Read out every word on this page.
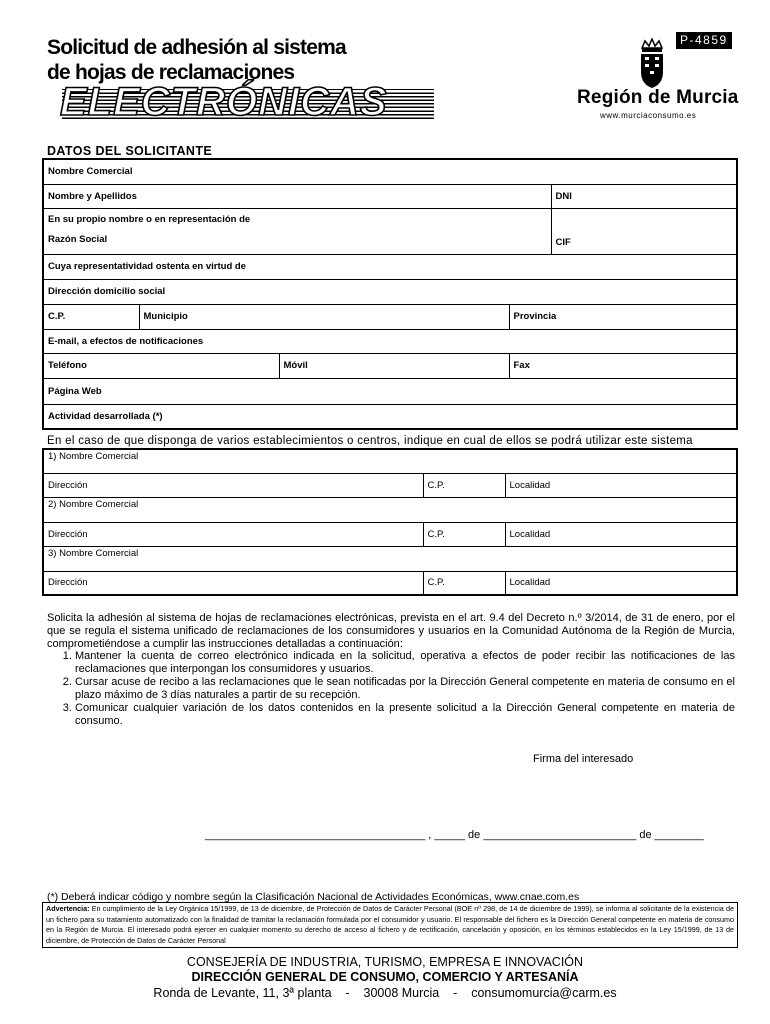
Solicitud de adhesión al sistema
de hojas de reclamaciones
ELECTRÓNICAS
P-4859
Región de Murcia
www.murciaconsumo.es
DATOS DEL SOLICITANTE
Nombre Comercial				
Nombre y Apellidos				DNI

En su propio nombre o en representación de
Razón Social				CIF
Cuya representatividad ostenta en virtud de				
Dirección domicilio social				
C.P.	Municipio		Provincia	
E-mail, a efectos de notificaciones				
Teléfono		Móvil	Fax	
Página Web				
Actividad desarrollada (*)				
En el caso de que disponga de varios establecimientos o centros, indique en cual de ellos se podrá utilizar este sistema
1) Nombre Comercial		
Dirección	C.P.	Localidad
2) Nombre Comercial		
Dirección	C.P.	Localidad
3) Nombre Comercial		
Dirección	C.P.	Localidad
Solicita la adhesión al sistema de hojas de reclamaciones electrónicas, prevista en el art. 9.4 del Decreto n.º 3/2014, de 31 de enero, por el que se regula el sistema unificado de reclamaciones de los consumidores y usuarios en la Comunidad Autónoma de la Región de Murcia, comprometiéndose a cumplir las instrucciones detalladas a continuación:
1. Mantener la cuenta de correo electrónico indicada en la solicitud, operativa a efectos de poder recibir las notificaciones de las reclamaciones que interpongan los consumidores y usuarios.
2. Cursar acuse de recibo a las reclamaciones que le sean notificadas por la Dirección General competente en materia de consumo en el plazo máximo de 3 días naturales a partir de su recepción.
3. Comunicar cualquier variación de los datos contenidos en la presente solicitud a la Dirección General competente en materia de consumo.
Firma del interesado
____________________________________ , _____ de _________________________ de ________
(*) Deberá indicar código y nombre según la Clasificación Nacional de Actividades Económicas, www.cnae.com.es
Advertencia: En cumplimiento de la Ley Orgánica 15/1999, de 13 de diciembre, de Protección de Datos de Carácter Personal (BOE nº 298, de 14 de diciembre de 1999), se informa al solicitante de la existencia de un fichero para su tratamiento automatizado con la finalidad de tramitar la reclamación formulada por el consumidor y usuario. El responsable del fichero es la Dirección General competente en materia de consumo en la Región de Murcia. El interesado podrá ejercer en cualquier momento su derecho de acceso al fichero y de rectificación, cancelación y oposición, en los términos establecidos en la Ley 15/1999, de 13 de diciembre, de Protección de Datos de Carácter Personal
CONSEJERÍA DE INDUSTRIA, TURISMO, EMPRESA E INNOVACIÓN
DIRECCIÓN GENERAL DE CONSUMO, COMERCIO Y ARTESANÍA
Ronda de Levante, 11, 3ª planta    -    30008 Murcia    -    consumomurcia@carm.es
